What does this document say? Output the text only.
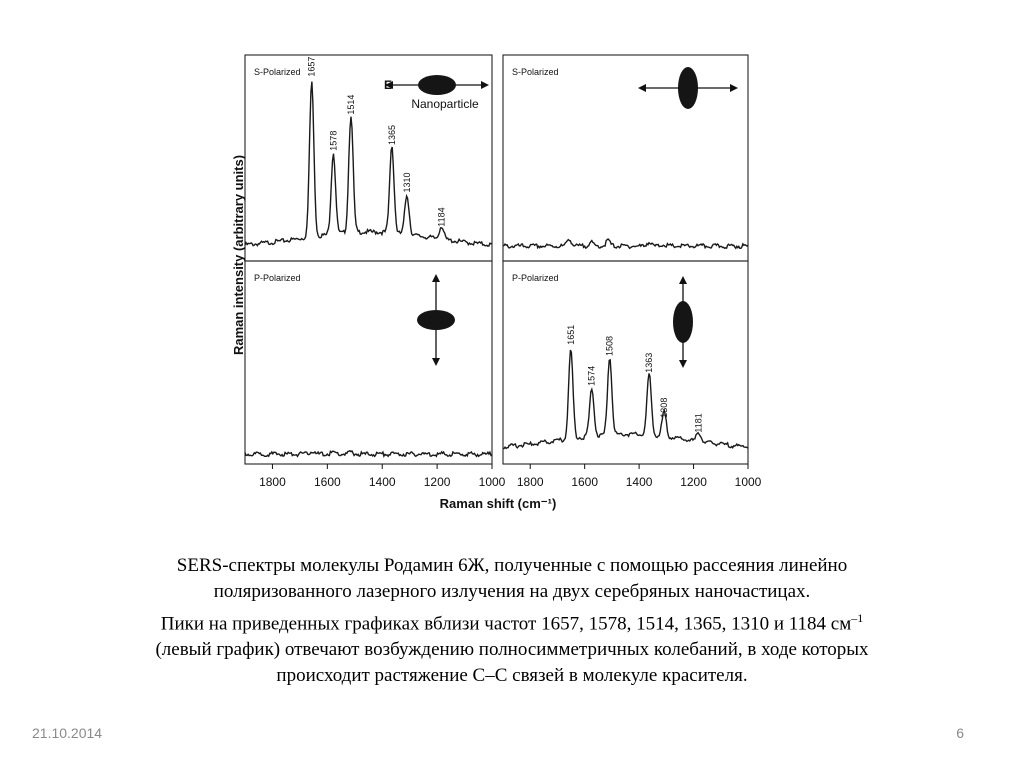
1657
1578
1514
1365
1310
1184
1651
1574
1508
1363
1308
1181
S-Polarized	S-Polarized
P-Polarized	P-Polarized
E
Nanoparticle
1800 1600 1400 1200 1000 1800 1600 1400 1200 1000
Raman intensity (arbitrary units)
Raman shift (cm⁻¹)

SERS-спектры молекулы Родамин 6Ж, полученные с помощью рассеяния линейно

поляризованного лазерного излучения на двух серебряных наночастицах.

Пики на приведенных графиках вблизи частот 1657, 1578, 1514, 1365, 1310 и 1184 $см^{-1}$

(левый график) отвечают возбуждению полносимметричных колебаний, в ходе которых

происходит растяжение С–С связей в молекуле красителя.

21.10.2014	6
